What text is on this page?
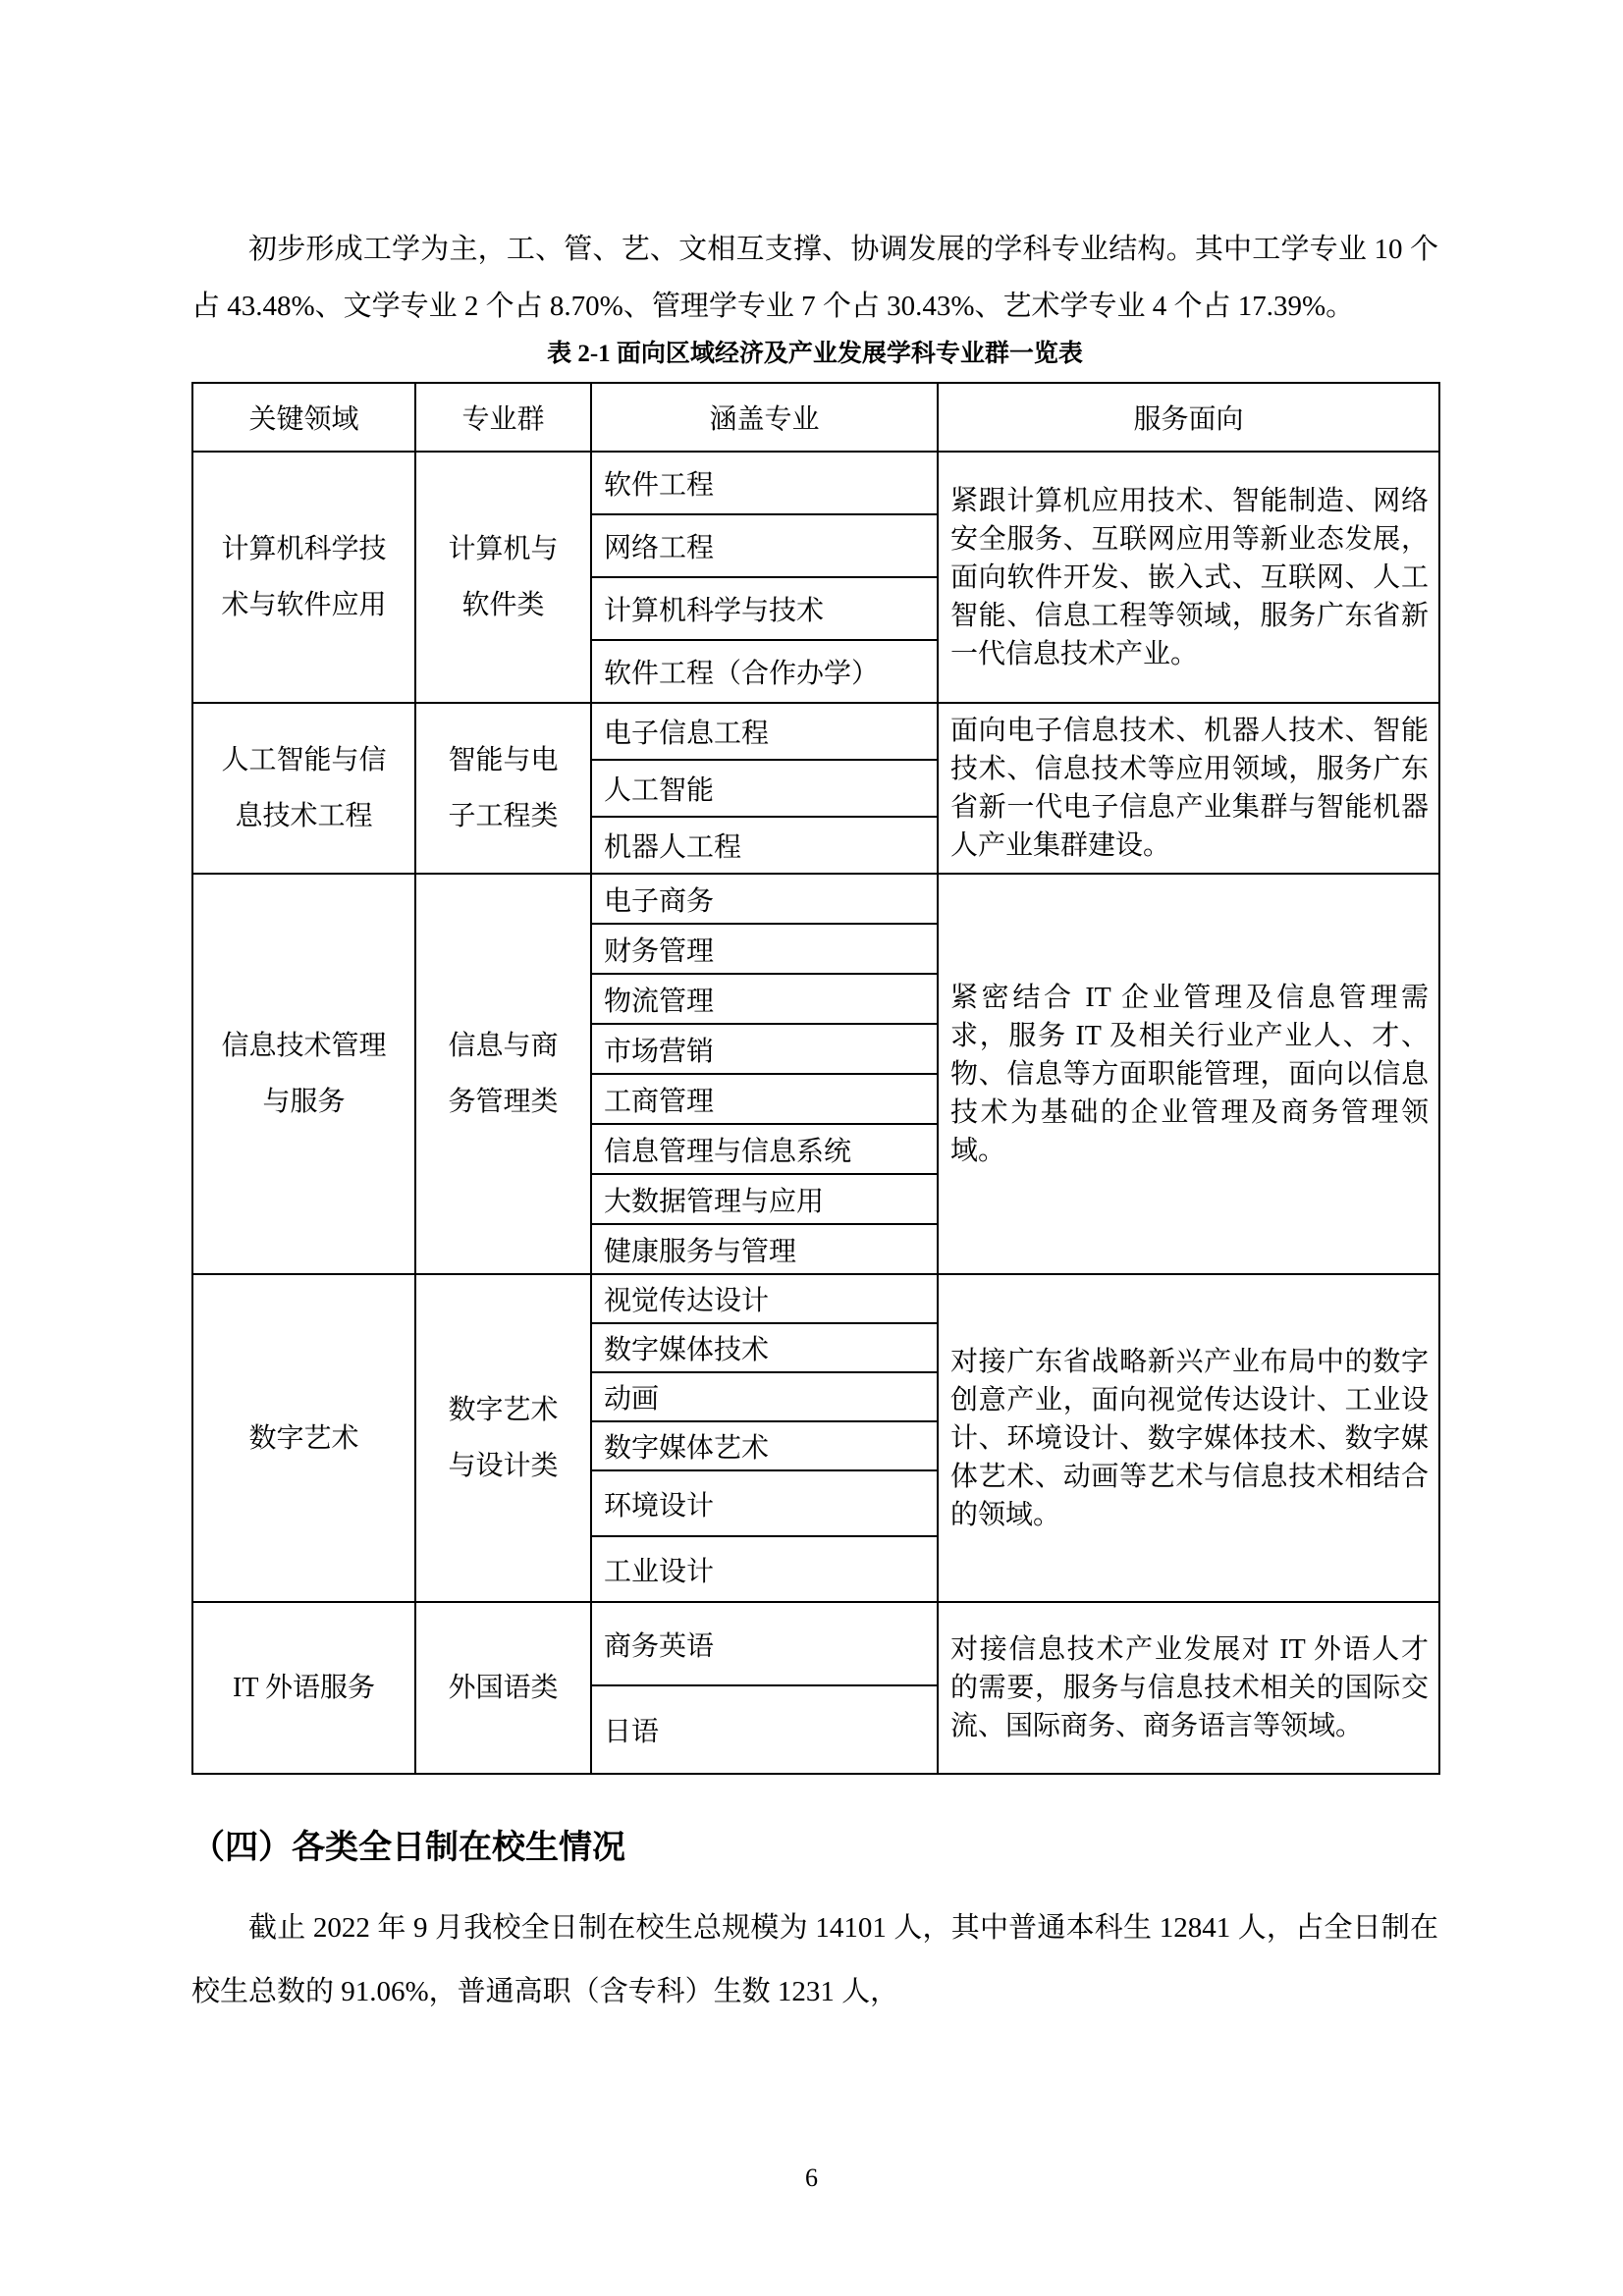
初步形成工学为主，工、管、艺、文相互支撑、协调发展的学科专业结构。其中工学专业 10 个占 43.48%、文学专业 2 个占 8.70%、管理学专业 7 个占 30.43%、艺术学专业 4 个占 17.39%。

表 2-1 面向区域经济及产业发展学科专业群一览表
关键领域	专业群	涵盖专业	服务面向
计算机科学技术与软件应用	计算机与软件类	软件工程	紧跟计算机应用技术、智能制造、网络安全服务、互联网应用等新业态发展，面向软件开发、嵌入式、互联网、人工智能、信息工程等领域，服务广东省新一代信息技术产业。
		网络工程	
		计算机科学与技术	
		软件工程（合作办学）	
人工智能与信息技术工程	智能与电子工程类	电子信息工程	面向电子信息技术、机器人技术、智能技术、信息技术等应用领域，服务广东省新一代电子信息产业集群与智能机器人产业集群建设。
		人工智能	
		机器人工程	
信息技术管理与服务	信息与商务管理类	电子商务	紧密结合 IT 企业管理及信息管理需求，服务 IT 及相关行业产业人、才、物、信息等方面职能管理，面向以信息技术为基础的企业管理及商务管理领域。
		财务管理	
		物流管理	
		市场营销	
		工商管理	
		信息管理与信息系统	
		大数据管理与应用	
		健康服务与管理	
数字艺术	数字艺术与设计类	视觉传达设计	对接广东省战略新兴产业布局中的数字创意产业，面向视觉传达设计、工业设计、环境设计、数字媒体技术、数字媒体艺术、动画等艺术与信息技术相结合的领域。
		数字媒体技术	
		动画	
		数字媒体艺术	
		环境设计	
		工业设计	
IT 外语服务	外国语类	商务英语	对接信息技术产业发展对 IT 外语人才的需要，服务与信息技术相关的国际交流、国际商务、商务语言等领域。
		日语	
（四）各类全日制在校生情况

截止 2022 年 9 月我校全日制在校生总规模为 14101 人，其中普通本科生 12841 人，占全日制在校生总数的 91.06%，普通高职（含专科）生数 1231 人，

6
